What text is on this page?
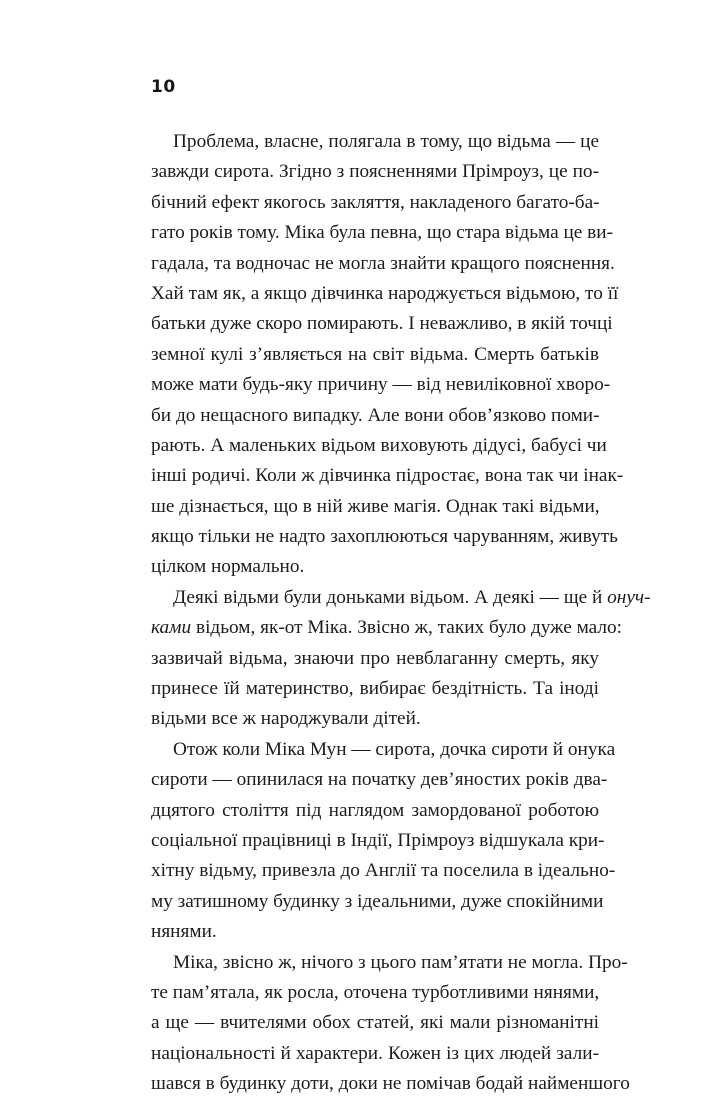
10
Проблема, власне, полягала в тому, що відьма — це
завжди сирота. Згідно з поясненнями Прімроуз, це по-
бічний ефект якогось закляття, накладеного багато-ба-
гато років тому. Міка була певна, що стара відьма це ви-
гадала, та водночас не могла знайти кращого пояснення.
Хай там як, а якщо дівчинка народжується відьмою, то її
батьки дуже скоро помирають. І неважливо, в якій точці
земної кулі з’являється на світ відьма. Смерть батьків
може мати будь-яку причину — від невиліковної хворо-
би до нещасного випадку. Але вони обов’язково поми-
рають. А маленьких відьом виховують дідусі, бабусі чи
інші родичі. Коли ж дівчинка підростає, вона так чи інак-
ше дізнається, що в ній живе магія. Однак такі відьми,
якщо тільки не надто захоплюються чаруванням, живуть
цілком нормально.
Деякі відьми були доньками відьом. А деякі — ще й онуч-
ками відьом, як-от Міка. Звісно ж, таких було дуже мало:
зазвичай відьма, знаючи про невблаганну смерть, яку
принесе їй материнство, вибирає бездітність. Та іноді
відьми все ж народжували дітей.
Отож коли Міка Мун — сирота, дочка сироти й онука
сироти — опинилася на початку дев’яностих років два-
дцятого століття під наглядом замордованої роботою
соціальної працівниці в Індії, Прімроуз відшукала кри-
хітну відьму, привезла до Англії та поселила в ідеально-
му затишному будинку з ідеальними, дуже спокійними
нянями.
Міка, звісно ж, нічого з цього пам’ятати не могла. Про-
те пам’ятала, як росла, оточена турботливими нянями,
а ще — вчителями обох статей, які мали різноманітні
національності й характери. Кожен із цих людей зали-
шався в будинку доти, доки не помічав бодай найменшого
